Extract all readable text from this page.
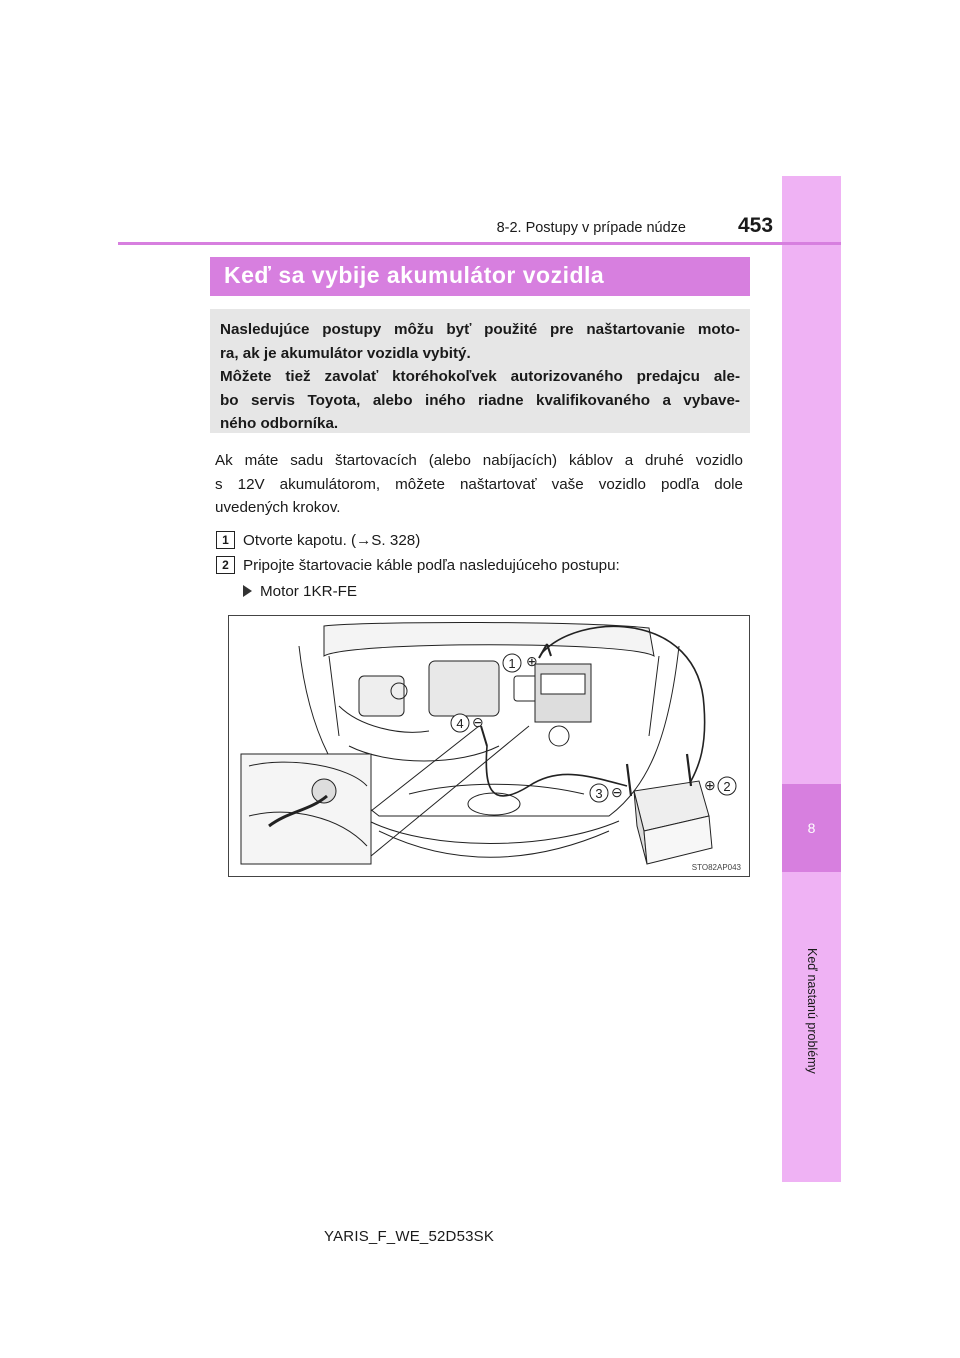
8
Keď nastanú problémy
8-2. Postupy v prípade núdze 453
Keď sa vybije akumulátor vozidla

Nasledujúce postupy môžu byť použité pre naštartovanie moto-

ra, ak je akumulátor vozidla vybitý.

Môžete tiež zavolať ktoréhokoľvek autorizovaného predajcu ale-

bo servis Toyota, alebo iného riadne kvalifikovaného a vybave-

ného odborníka.

Ak máte sadu štartovacích (alebo nabíjacích) káblov a druhé vozidlo
s 12V akumulátorom, môžete naštartovať vaše vozidlo podľa dole
uvedených krokov.
1 Otvorte kapotu. (→S. 328)
2 Pripojte štartovacie káble podľa nasledujúceho postupu:
Motor 1KR-FE
1 ⊕
2
⊕
3 ⊖
4 ⊖
STO82AP043
YARIS_F_WE_52D53SK
